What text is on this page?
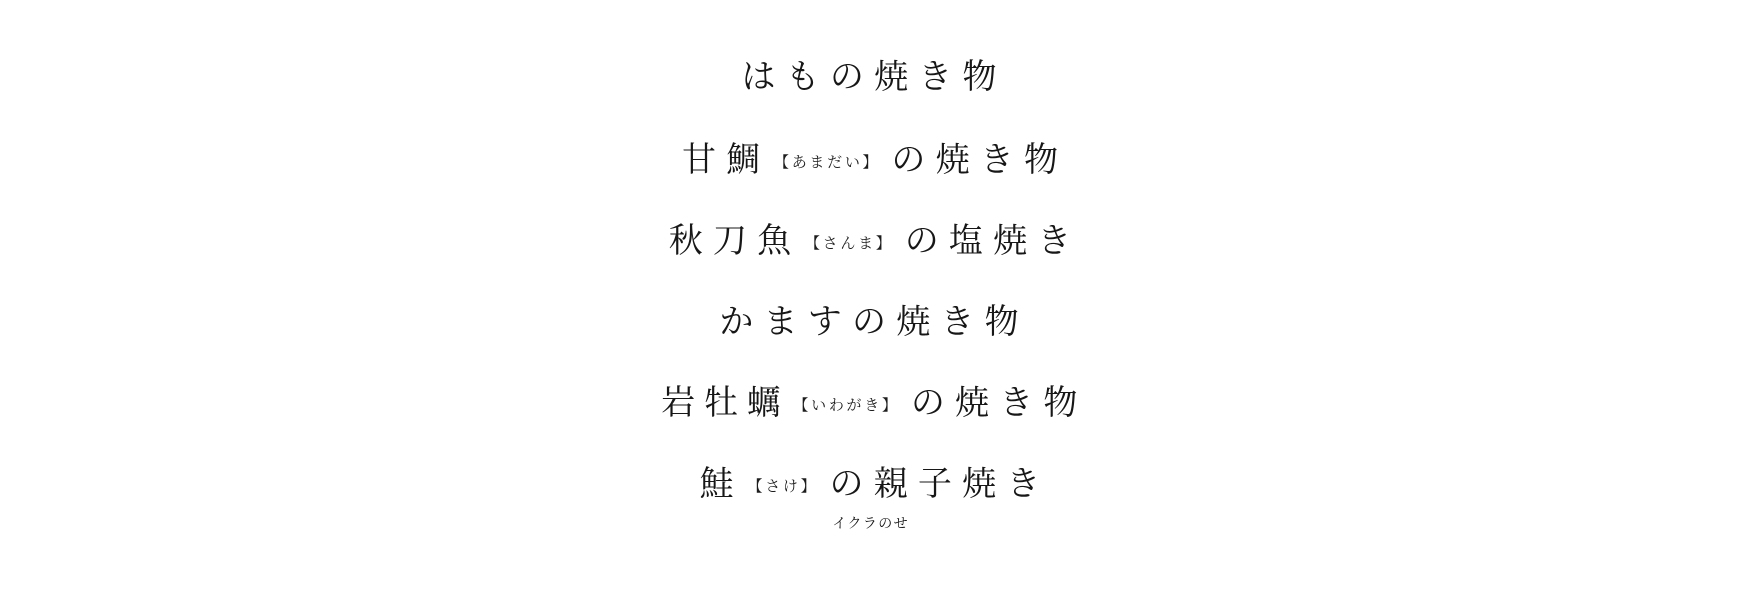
はもの焼き物
甘鯛 【あまだい】 の焼き物
秋刀魚 【さんま】 の塩焼き
かますの焼き物
岩牡蠣 【いわがき】 の焼き物
鮭 【さけ】 の親子焼き
イクラのせ
